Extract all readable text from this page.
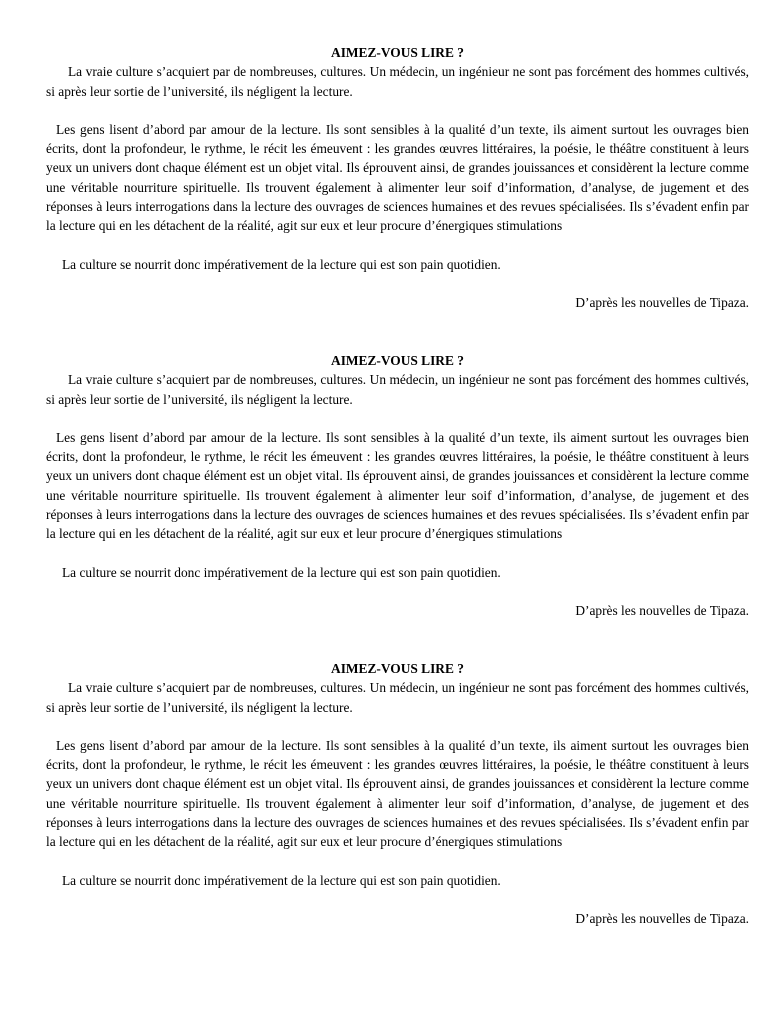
AIMEZ-VOUS LIRE ?

La vraie culture s’acquiert par de nombreuses, cultures. Un médecin, un ingénieur ne sont pas forcément des hommes cultivés, si après leur sortie de l’université, ils négligent la lecture.

Les gens lisent d’abord par amour de la lecture. Ils sont sensibles à la qualité d’un texte, ils aiment surtout les ouvrages bien écrits, dont la profondeur, le rythme, le récit les émeuvent : les grandes œuvres littéraires, la poésie, le théâtre constituent à leurs yeux un univers dont chaque élément est un objet vital. Ils éprouvent ainsi, de grandes jouissances et considèrent la lecture comme une véritable nourriture spirituelle. Ils trouvent également à alimenter leur soif d’information, d’analyse, de jugement et des réponses à leurs interrogations dans la lecture des ouvrages de sciences humaines et des revues spécialisées. Ils s’évadent enfin par la lecture qui en les détachent de la réalité, agit sur eux et leur procure d’énergiques stimulations

La culture se nourrit donc impérativement de la lecture qui est son pain quotidien.

D’après les nouvelles de Tipaza.

AIMEZ-VOUS LIRE ?

La vraie culture s’acquiert par de nombreuses, cultures. Un médecin, un ingénieur ne sont pas forcément des hommes cultivés, si après leur sortie de l’université, ils négligent la lecture.

Les gens lisent d’abord par amour de la lecture. Ils sont sensibles à la qualité d’un texte, ils aiment surtout les ouvrages bien écrits, dont la profondeur, le rythme, le récit les émeuvent : les grandes œuvres littéraires, la poésie, le théâtre constituent à leurs yeux un univers dont chaque élément est un objet vital. Ils éprouvent ainsi, de grandes jouissances et considèrent la lecture comme une véritable nourriture spirituelle. Ils trouvent également à alimenter leur soif d’information, d’analyse, de jugement et des réponses à leurs interrogations dans la lecture des ouvrages de sciences humaines et des revues spécialisées. Ils s’évadent enfin par la lecture qui en les détachent de la réalité, agit sur eux et leur procure d’énergiques stimulations

La culture se nourrit donc impérativement de la lecture qui est son pain quotidien.

D’après les nouvelles de Tipaza.

AIMEZ-VOUS LIRE ?

La vraie culture s’acquiert par de nombreuses, cultures. Un médecin, un ingénieur ne sont pas forcément des hommes cultivés, si après leur sortie de l’université, ils négligent la lecture.

Les gens lisent d’abord par amour de la lecture. Ils sont sensibles à la qualité d’un texte, ils aiment surtout les ouvrages bien écrits, dont la profondeur, le rythme, le récit les émeuvent : les grandes œuvres littéraires, la poésie, le théâtre constituent à leurs yeux un univers dont chaque élément est un objet vital. Ils éprouvent ainsi, de grandes jouissances et considèrent la lecture comme une véritable nourriture spirituelle. Ils trouvent également à alimenter leur soif d’information, d’analyse, de jugement et des réponses à leurs interrogations dans la lecture des ouvrages de sciences humaines et des revues spécialisées. Ils s’évadent enfin par la lecture qui en les détachent de la réalité, agit sur eux et leur procure d’énergiques stimulations

La culture se nourrit donc impérativement de la lecture qui est son pain quotidien.

D’après les nouvelles de Tipaza.
